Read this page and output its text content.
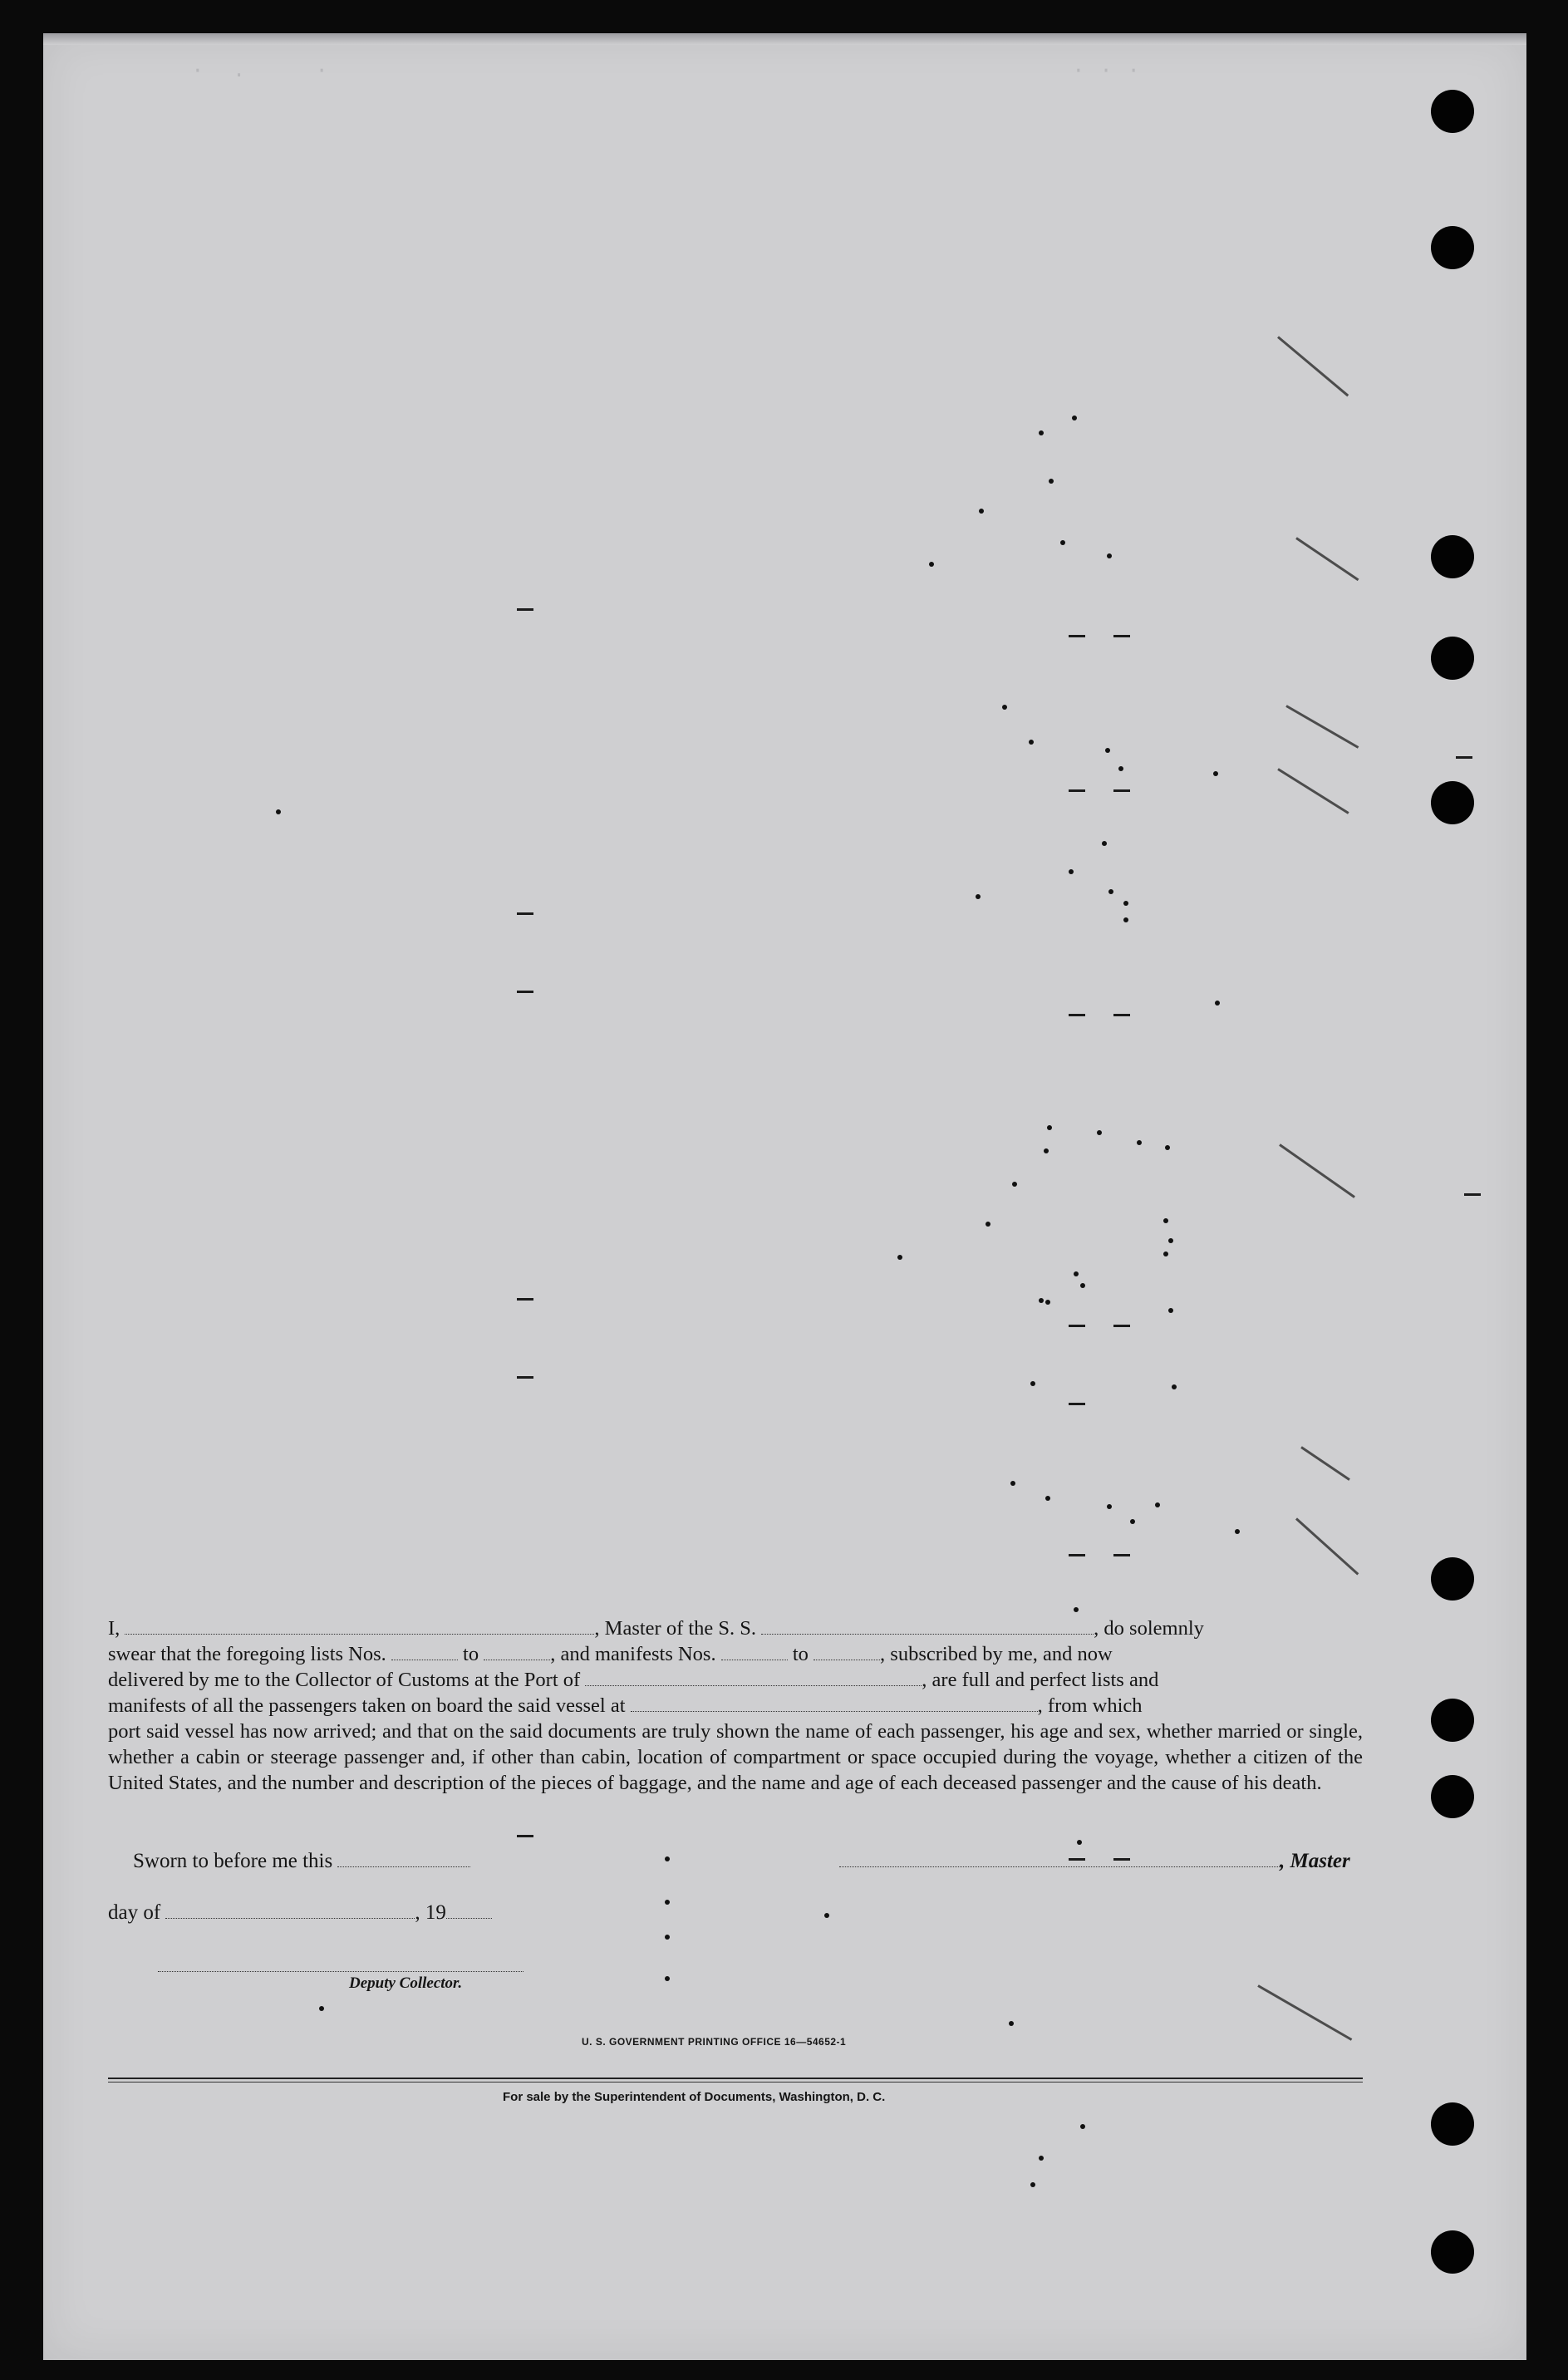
·  .     ·	· · ·

I,	, Master of the S. S.	, do solemnly

swear that the foregoing lists Nos.	to	, and manifests Nos.	to	, subscribed by me, and now

delivered by me to the Collector of Customs at the Port of	, are full and perfect lists and

manifests of all the passengers taken on board the said vessel at	, from which

port said vessel has now arrived; and that on the said documents are truly shown the name of each passenger, his age and sex, whether married or single, whether a cabin or steerage passenger and, if other than cabin, location of compartment or space occupied during the voyage, whether a citizen of the United States, and the number and description of the pieces of baggage, and the name and age of each deceased passenger and the cause of his death.

Sworn to before me this	, Master
day of	, 19
Deputy Collector.
U. S. GOVERNMENT PRINTING OFFICE 16—54652-1
For sale by the Superintendent of Documents, Washington, D. C.
